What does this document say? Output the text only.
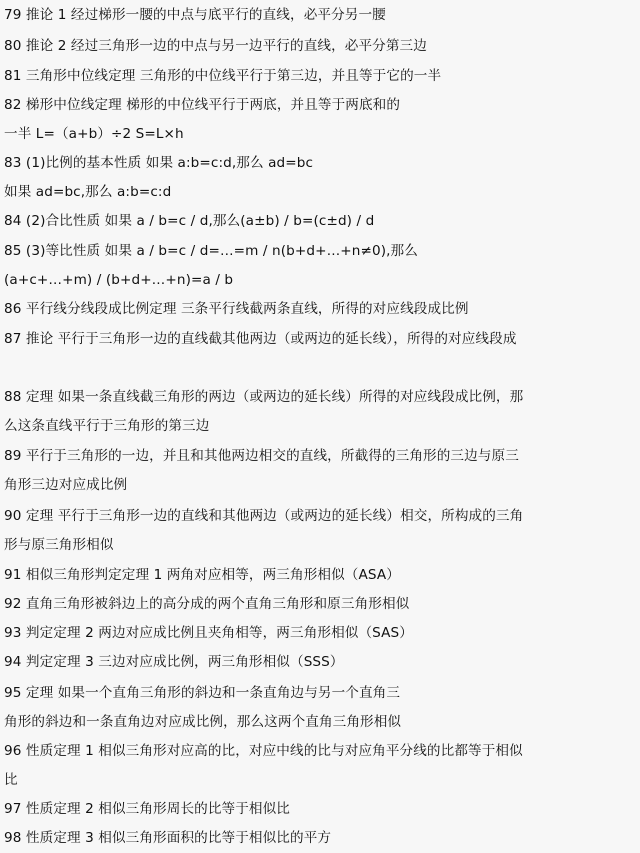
79 推论 1 经过梯形一腰的中点与底平行的直线，必平分另一腰
80 推论 2 经过三角形一边的中点与另一边平行的直线，必平分第三边
81 三角形中位线定理 三角形的中位线平行于第三边，并且等于它的一半
82 梯形中位线定理 梯形的中位线平行于两底，并且等于两底和的
一半 L=（a+b）÷2 S=L×h
83 (1)比例的基本性质 如果 a:b=c:d,那么 ad=bc
如果 ad=bc,那么 a:b=c:d
84 (2)合比性质 如果 a / b=c / d,那么(a±b) / b=(c±d) / d
85 (3)等比性质 如果 a / b=c / d=…=m / n(b+d+…+n≠0),那么
(a+c+…+m) / (b+d+…+n)=a / b
86 平行线分线段成比例定理 三条平行线截两条直线，所得的对应线段成比例
87 推论 平行于三角形一边的直线截其他两边（或两边的延长线），所得的对应线段成
88 定理 如果一条直线截三角形的两边（或两边的延长线）所得的对应线段成比例，那
么这条直线平行于三角形的第三边
89 平行于三角形的一边，并且和其他两边相交的直线，所截得的三角形的三边与原三
角形三边对应成比例
90 定理 平行于三角形一边的直线和其他两边（或两边的延长线）相交，所构成的三角
形与原三角形相似
91 相似三角形判定定理 1 两角对应相等，两三角形相似（ASA）
92 直角三角形被斜边上的高分成的两个直角三角形和原三角形相似
93 判定定理 2 两边对应成比例且夹角相等，两三角形相似（SAS）
94 判定定理 3 三边对应成比例，两三角形相似（SSS）
95 定理 如果一个直角三角形的斜边和一条直角边与另一个直角三
角形的斜边和一条直角边对应成比例，那么这两个直角三角形相似
96 性质定理 1 相似三角形对应高的比，对应中线的比与对应角平分线的比都等于相似
比
97 性质定理 2 相似三角形周长的比等于相似比
98 性质定理 3 相似三角形面积的比等于相似比的平方
